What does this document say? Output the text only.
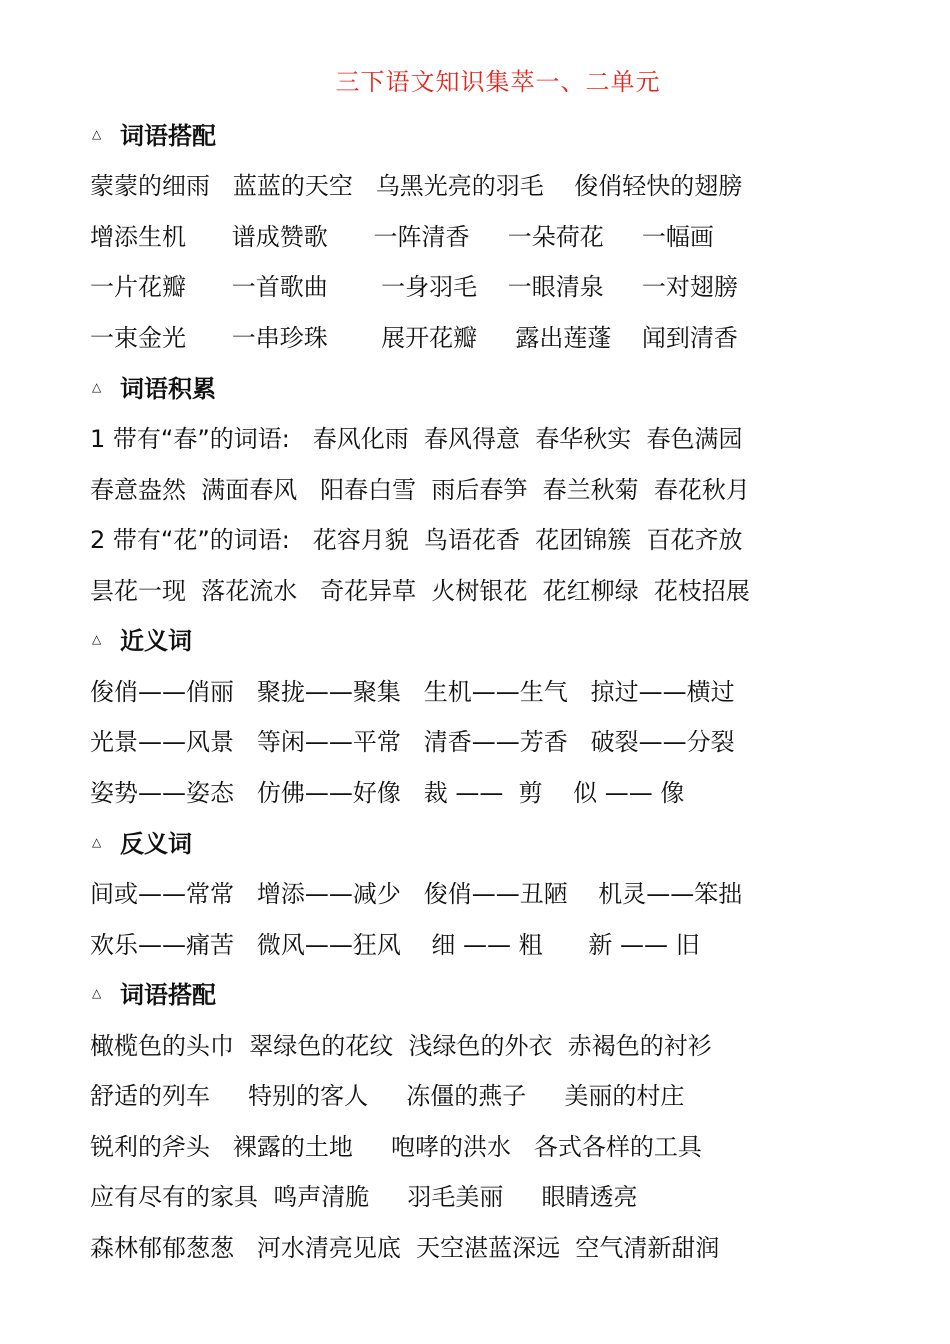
三下语文知识集萃一、二单元
△ 词语搭配
蒙蒙的细雨   蓝蓝的天空   乌黑光亮的羽毛    俊俏轻快的翅膀
增添生机      谱成赞歌      一阵清香     一朵荷花     一幅画
一片花瓣      一首歌曲       一身羽毛    一眼清泉     一对翅膀
一束金光      一串珍珠       展开花瓣     露出莲蓬    闻到清香
△ 词语积累
1 带有“春”的词语:   春风化雨  春风得意  春华秋实  春色满园
春意盎然  满面春风   阳春白雪  雨后春笋  春兰秋菊  春花秋月
2 带有“花”的词语:   花容月貌  鸟语花香  花团锦簇  百花齐放
昙花一现  落花流水   奇花异草  火树银花  花红柳绿  花枝招展
△ 近义词
俊俏——俏丽   聚拢——聚集   生机——生气   掠过——横过
光景——风景   等闲——平常   清香——芳香   破裂——分裂
姿势——姿态   仿佛——好像   裁 ——  剪    似 —— 像
△ 反义词
间或——常常   增添——减少   俊俏——丑陋    机灵——笨拙
欢乐——痛苦   微风——狂风    细 —— 粗      新 —— 旧
△ 词语搭配
橄榄色的头巾  翠绿色的花纹  浅绿色的外衣  赤褐色的衬衫
舒适的列车     特别的客人     冻僵的燕子     美丽的村庄
锐利的斧头   裸露的土地     咆哮的洪水   各式各样的工具
应有尽有的家具  鸣声清脆     羽毛美丽     眼睛透亮
森林郁郁葱葱   河水清亮见底  天空湛蓝深远  空气清新甜润
